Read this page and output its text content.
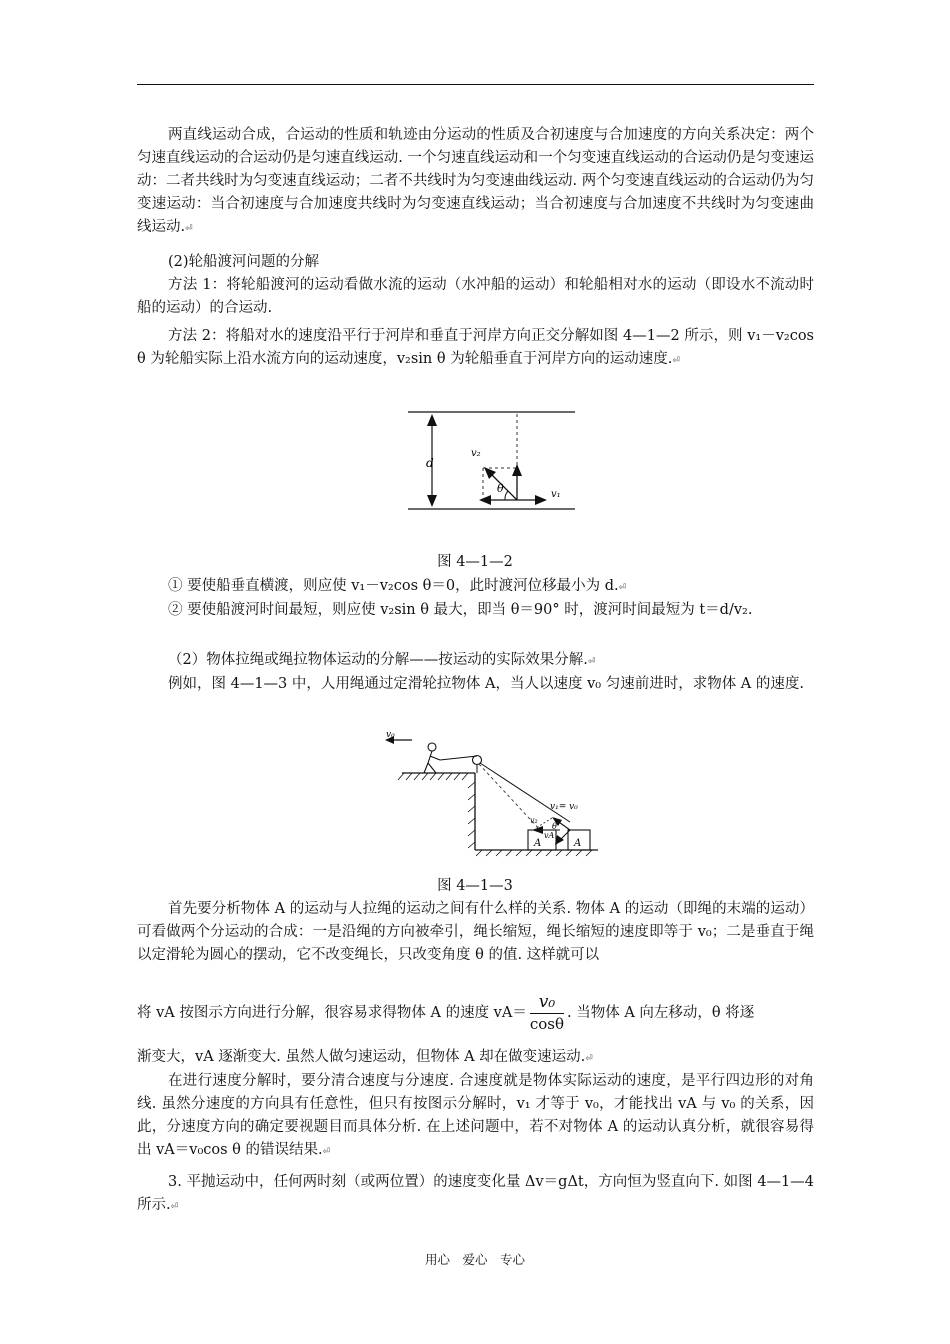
两直线运动合成，合运动的性质和轨迹由分运动的性质及合初速度与合加速度的方向关系决定：两个匀速直线运动的合运动仍是匀速直线运动. 一个匀速直线运动和一个匀变速直线运动的合运动仍是匀变速运动：二者共线时为匀变速直线运动；二者不共线时为匀变速曲线运动. 两个匀变速直线运动的合运动仍为匀变速运动：当合初速度与合加速度共线时为匀变速直线运动；当合初速度与合加速度不共线时为匀变速曲线运动.⏎

(2)轮船渡河问题的分解

方法 1：将轮船渡河的运动看做水流的运动（水冲船的运动）和轮船相对水的运动（即设水不流动时船的运动）的合运动.

方法 2：将船对水的速度沿平行于河岸和垂直于河岸方向正交分解如图 4—1—2 所示，则 v₁－v₂cos θ 为轮船实际上沿水流方向的运动速度，v₂sin θ 为轮船垂直于河岸方向的运动速度.⏎

d
v₂
θ	v₁
图 4—1—2

① 要使船垂直横渡，则应使 v₁－v₂cos θ＝0，此时渡河位移最小为 d.⏎

② 要使船渡河时间最短，则应使 v₂sin θ 最大，即当 θ＝90° 时，渡河时间最短为 t＝d/v₂.

（2）物体拉绳或绳拉物体运动的分解——按运动的实际效果分解.⏎

例如，图 4—1—3 中，人用绳通过定滑轮拉物体 A，当人以速度 v₀ 匀速前进时，求物体 A 的速度.

v₀
v₁= v₀
v₂
vA
θ
A	A
图 4—1—3

首先要分析物体 A 的运动与人拉绳的运动之间有什么样的关系. 物体 A 的运动（即绳的末端的运动）可看做两个分运动的合成：一是沿绳的方向被牵引，绳长缩短，绳长缩短的速度即等于 v₀；二是垂直于绳以定滑轮为圆心的摆动，它不改变绳长，只改变角度 θ 的值. 这样就可以

将 vA 按图示方向进行分解，很容易求得物体 A 的速度 $vA= \frac{\text{v₀}}{\cos\theta}$ . 当物体 A 向左移动，θ 将逐

渐变大，vA 逐渐变大. 虽然人做匀速运动，但物体 A 却在做变速运动.⏎

在进行速度分解时，要分清合速度与分速度. 合速度就是物体实际运动的速度，是平行四边形的对角线. 虽然分速度的方向具有任意性，但只有按图示分解时，v₁ 才等于 v₀，才能找出 vA 与 v₀ 的关系，因此，分速度方向的确定要视题目而具体分析. 在上述问题中，若不对物体 A 的运动认真分析，就很容易得出 vA＝v₀cos θ 的错误结果.⏎

3. 平抛运动中，任何两时刻（或两位置）的速度变化量 Δv＝gΔt，方向恒为竖直向下. 如图 4—1—4 所示.⏎

用心　爱心　专心
